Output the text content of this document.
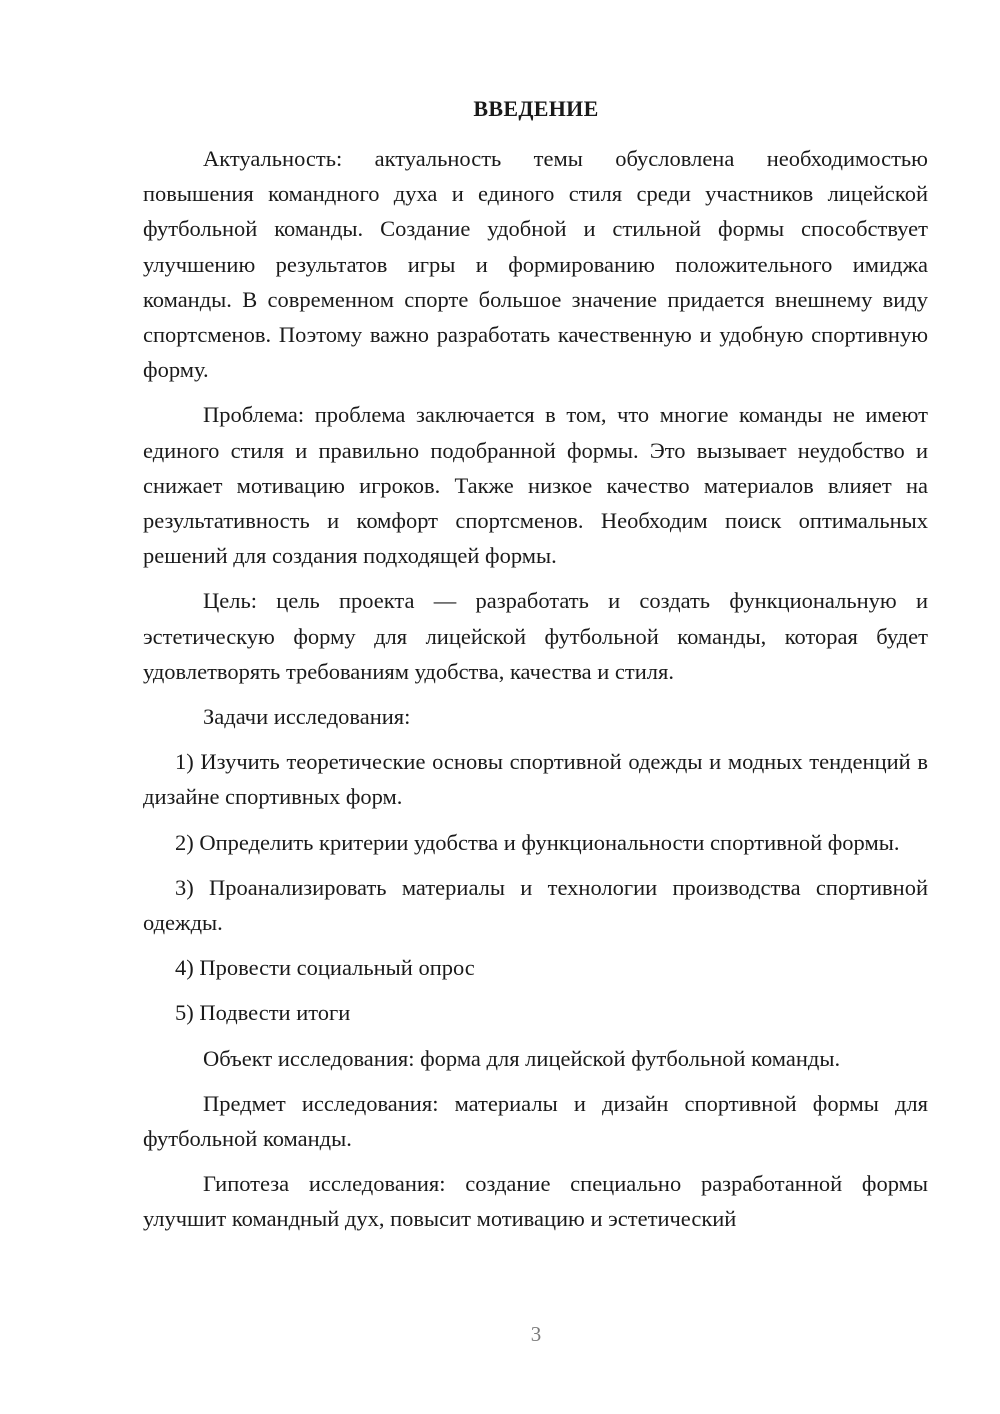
ВВЕДЕНИЕ

Актуальность: актуальность темы обусловлена необходимостью повышения командного духа и единого стиля среди участников лицейской футбольной команды. Создание удобной и стильной формы способствует улучшению результатов игры и формированию положительного имиджа команды. В современном спорте большое значение придается внешнему виду спортсменов. Поэтому важно разработать качественную и удобную спортивную форму.

Проблема: проблема заключается в том, что многие команды не имеют единого стиля и правильно подобранной формы. Это вызывает неудобство и снижает мотивацию игроков. Также низкое качество материалов влияет на результативность и комфорт спортсменов. Необходим поиск оптимальных решений для создания подходящей формы.

Цель: цель проекта — разработать и создать функциональную и эстетическую форму для лицейской футбольной команды, которая будет удовлетворять требованиям удобства, качества и стиля.

Задачи исследования:

1) Изучить теоретические основы спортивной одежды и модных тенденций в дизайне спортивных форм.

2) Определить критерии удобства и функциональности спортивной формы.

3) Проанализировать материалы и технологии производства спортивной одежды.

4) Провести социальный опрос

5) Подвести итоги

Объект исследования: форма для лицейской футбольной команды.

Предмет исследования: материалы и дизайн спортивной формы для футбольной команды.

Гипотеза исследования: создание специально разработанной формы улучшит командный дух, повысит мотивацию и эстетический

3
